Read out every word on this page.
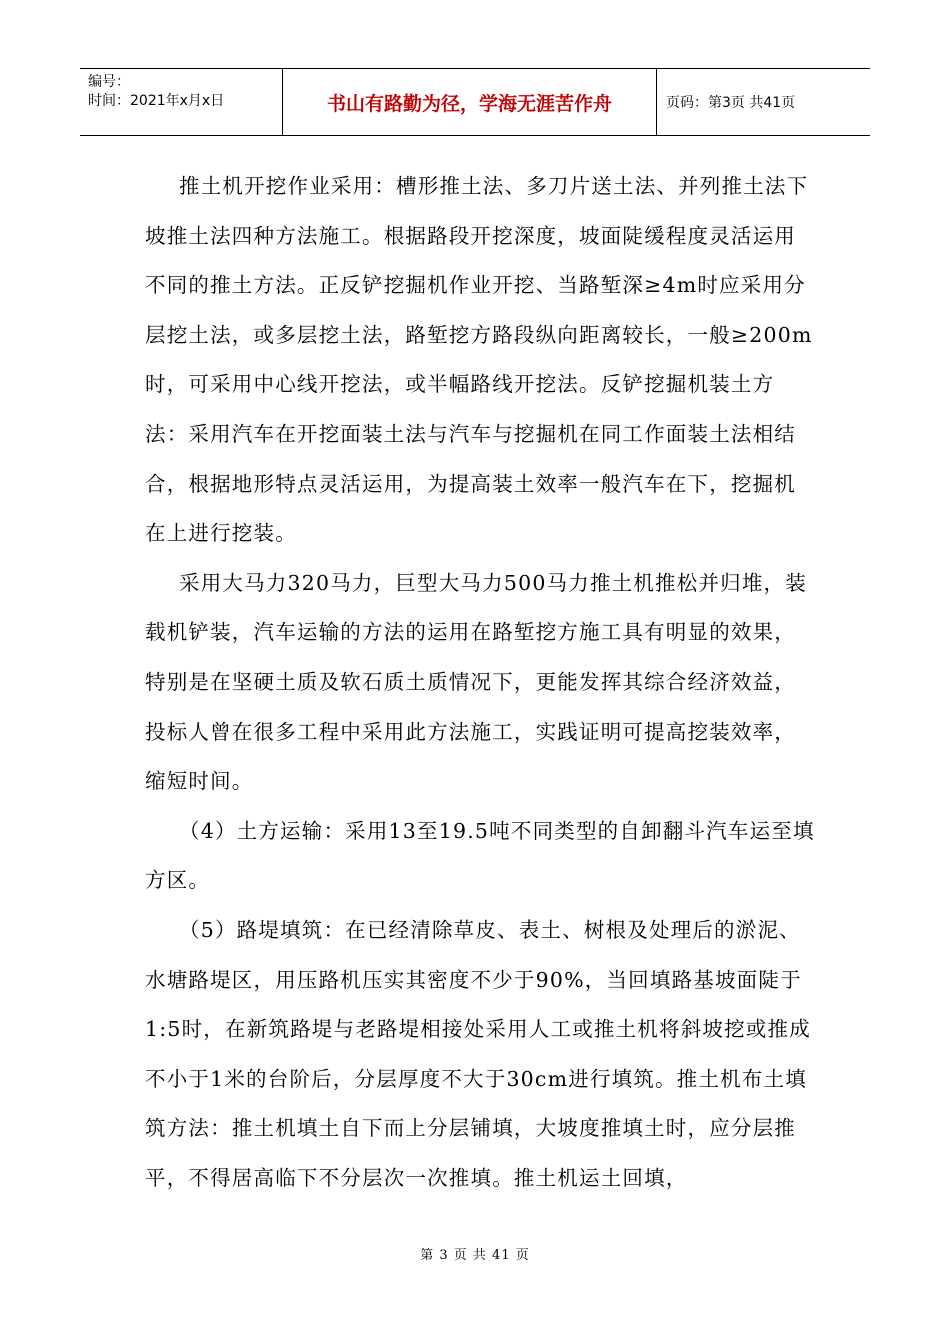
编号：
时间：2021年x月x日	书山有路勤为径，学海无涯苦作舟	页码：第3页 共41页

推土机开挖作业采用：槽形推土法、多刀片送土法、并列推土法下坡推土法四种方法施工。根据路段开挖深度，坡面陡缓程度灵活运用不同的推土方法。正反铲挖掘机作业开挖、当路堑深≥4m时应采用分层挖土法，或多层挖土法，路堑挖方路段纵向距离较长，一般≥200m时，可采用中心线开挖法，或半幅路线开挖法。反铲挖掘机装土方法：采用汽车在开挖面装土法与汽车与挖掘机在同工作面装土法相结合，根据地形特点灵活运用，为提高装土效率一般汽车在下，挖掘机在上进行挖装。

采用大马力320马力，巨型大马力500马力推土机推松并归堆，装载机铲装，汽车运输的方法的运用在路堑挖方施工具有明显的效果，特别是在坚硬土质及软石质土质情况下，更能发挥其综合经济效益，投标人曾在很多工程中采用此方法施工，实践证明可提高挖装效率，缩短时间。

（4）土方运输：采用13至19.5吨不同类型的自卸翻斗汽车运至填方区。

（5）路堤填筑：在已经清除草皮、表土、树根及处理后的淤泥、水塘路堤区，用压路机压实其密度不少于90%，当回填路基坡面陡于1:5时，在新筑路堤与老路堤相接处采用人工或推土机将斜坡挖或推成不小于1米的台阶后，分层厚度不大于30cm进行填筑。推土机布土填筑方法：推土机填土自下而上分层铺填，大坡度推填土时，应分层推平，不得居高临下不分层次一次推填。推土机运土回填，

第 3 页 共 41 页
